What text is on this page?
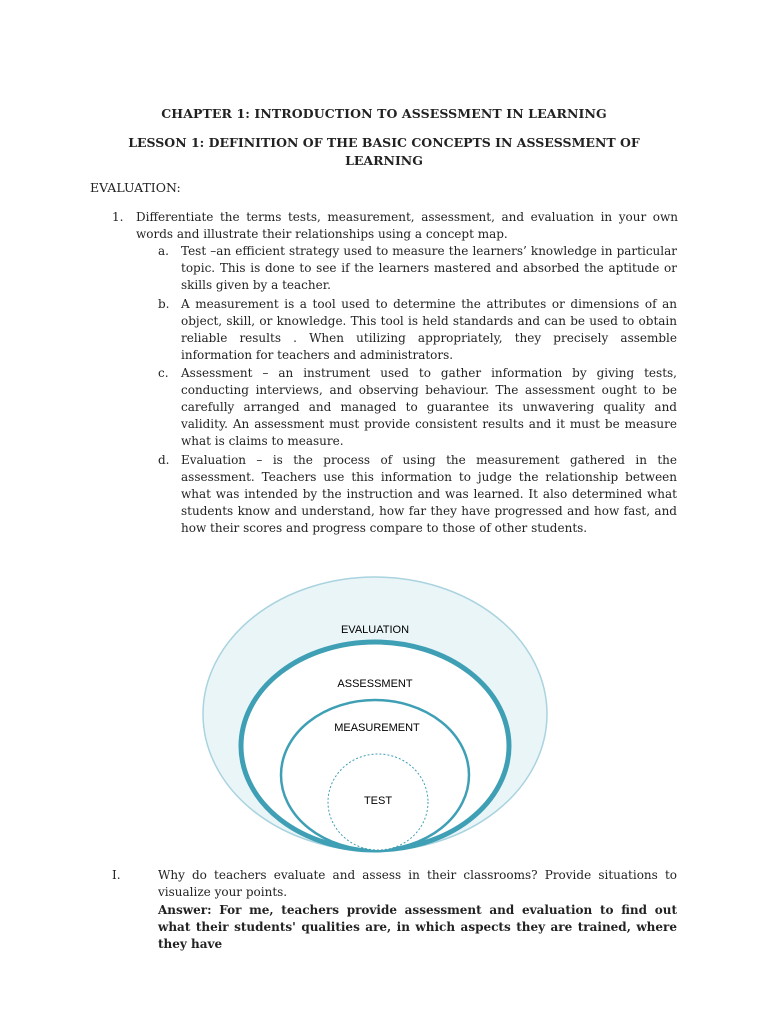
CHAPTER 1: INTRODUCTION TO ASSESSMENT IN LEARNING
LESSON 1: DEFINITION OF THE BASIC CONCEPTS IN ASSESSMENT OF LEARNING
EVALUATION:
1. Differentiate the terms tests, measurement, assessment, and evaluation in your own words and illustrate their relationships using a concept map.
a. Test –an efficient strategy used to measure the learners’ knowledge in particular topic. This is done to see if the learners mastered and absorbed the aptitude or skills given by a teacher.
b. A measurement is a tool used to determine the attributes or dimensions of an object, skill, or knowledge. This tool is held standards and can be used to obtain reliable results . When utilizing appropriately, they precisely assemble information for teachers and administrators.
c. Assessment – an instrument used to gather information by giving tests, conducting interviews, and observing behaviour. The assessment ought to be carefully arranged and managed to guarantee its unwavering quality and validity. An assessment must provide consistent results and it must be measure what is claims to measure.
d. Evaluation – is the process of using the measurement gathered in the assessment. Teachers use this information to judge the relationship between what was intended by the instruction and was learned. It also determined what students know and understand, how far they have progressed and how fast, and how their scores and progress compare to those of other students.
EVALUATION
ASSESSMENT
MEASUREMENT
TEST
I.	Why do teachers evaluate and assess in their classrooms? Provide situations to visualize your points.
Answer: For me, teachers provide assessment and evaluation to find out what their students' qualities are, in which aspects they are trained, where they have
